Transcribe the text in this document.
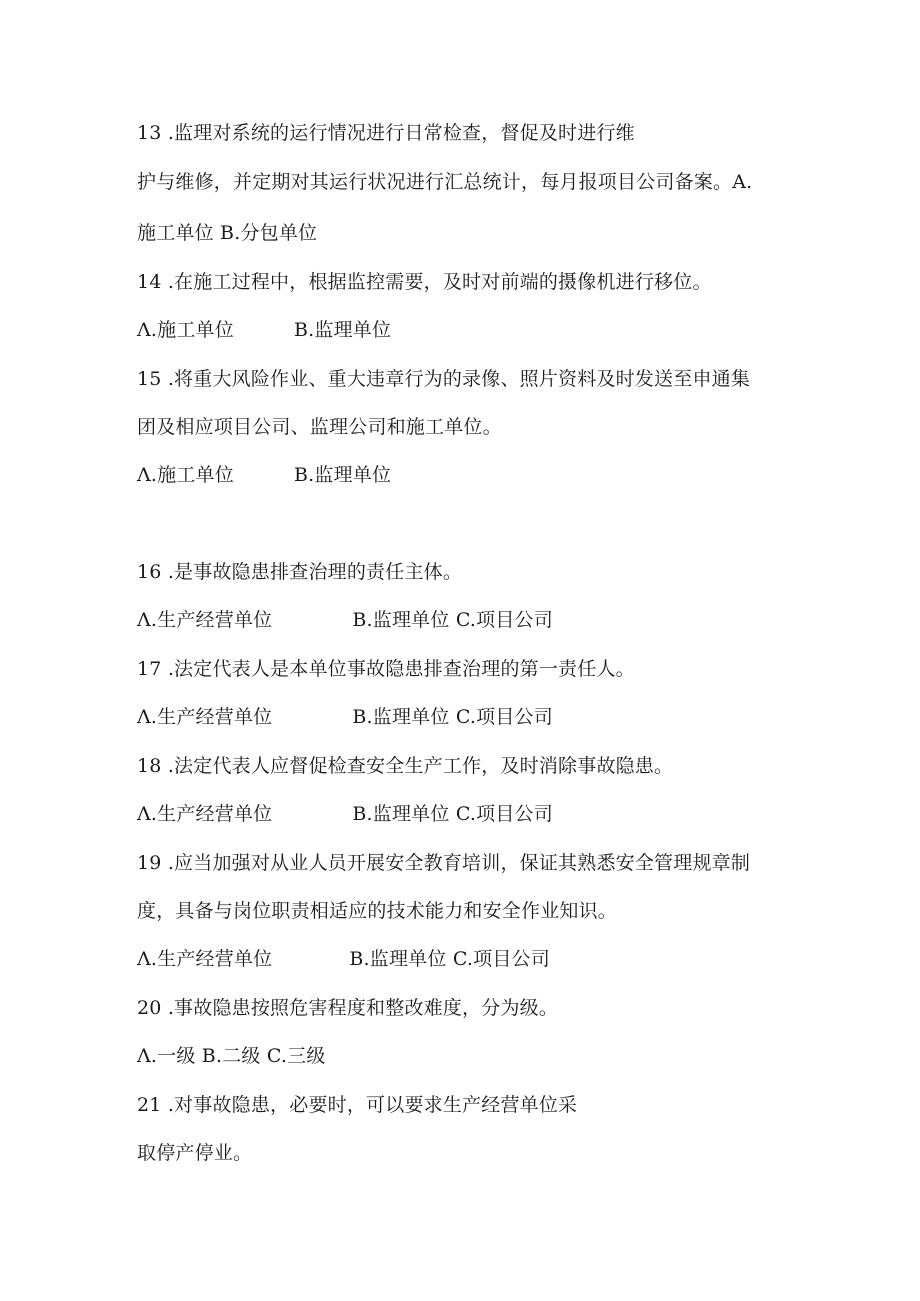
13 .监理对系统的运行情况进行日常检查，督促及时进行维
护与维修，并定期对其运行状况进行汇总统计，每月报项目公司备案。A.
施工单位 B.分包单位
14 .在施工过程中，根据监控需要，及时对前端的摄像机进行移位。
Λ.施工单位	B.监理单位
15 .将重大风险作业、重大违章行为的录像、照片资料及时发送至申通集
团及相应项目公司、监理公司和施工单位。
Λ.施工单位	B.监理单位
16 .是事故隐患排查治理的责任主体。
Λ.生产经营单位	B.监理单位 C.项目公司
17 .法定代表人是本单位事故隐患排查治理的第一责任人。
Λ.生产经营单位	B.监理单位 C.项目公司
18 .法定代表人应督促检查安全生产工作，及时消除事故隐患。
Λ.生产经营单位	B.监理单位 C.项目公司
19 .应当加强对从业人员开展安全教育培训，保证其熟悉安全管理规章制
度，具备与岗位职责相适应的技术能力和安全作业知识。
Λ.生产经营单位	B.监理单位 C.项目公司
20 .事故隐患按照危害程度和整改难度，分为级。
Λ.一级 B.二级 C.三级
21 .对事故隐患，必要时，可以要求生产经营单位采
取停产停业。
